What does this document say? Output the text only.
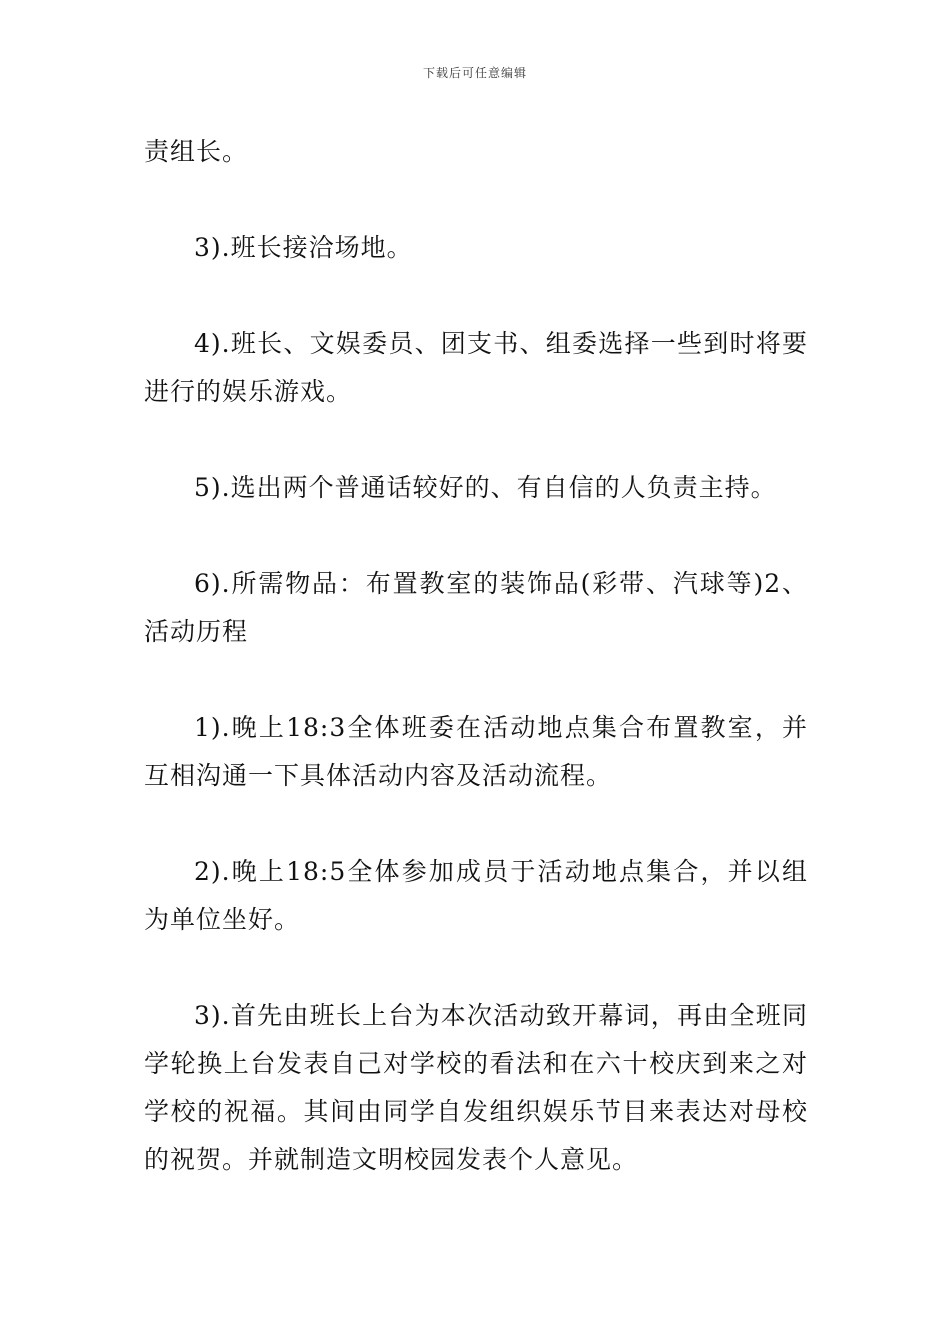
下载后可任意编辑

责组长。

3).班长接洽场地。

4).班长、文娱委员、团支书、组委选择一些到时将要进行的娱乐游戏。

5).选出两个普通话较好的、有自信的人负责主持。

6).所需物品：布置教室的装饰品(彩带、汽球等)2、活动历程

1).晚上18:3全体班委在活动地点集合布置教室，并互相沟通一下具体活动内容及活动流程。

2).晚上18:5全体参加成员于活动地点集合，并以组为单位坐好。

3).首先由班长上台为本次活动致开幕词，再由全班同学轮换上台发表自己对学校的看法和在六十校庆到来之对学校的祝福。其间由同学自发组织娱乐节目来表达对母校的祝贺。并就制造文明校园发表个人意见。
